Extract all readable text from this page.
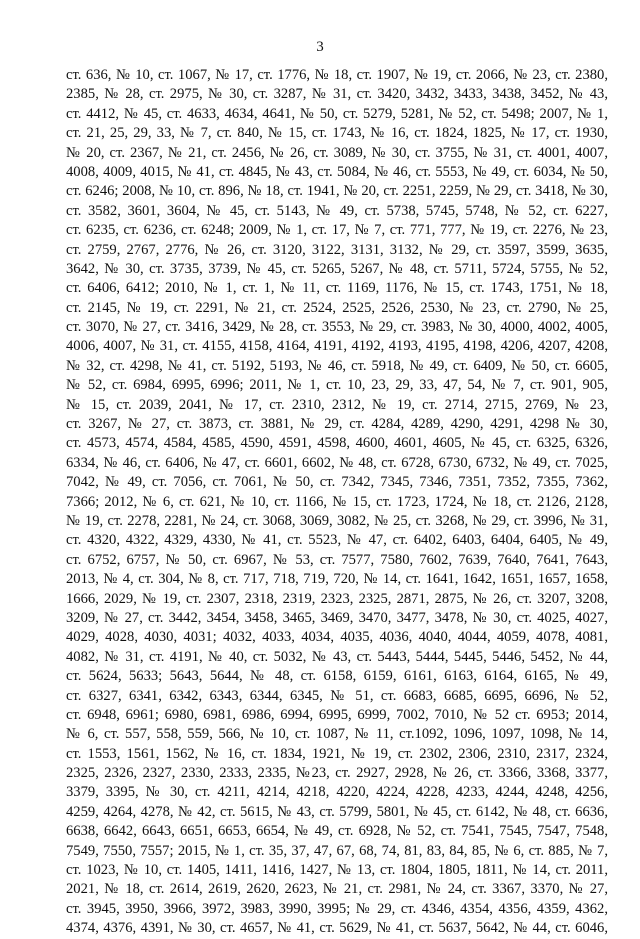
3
ст. 636, № 10, ст. 1067, № 17, ст. 1776, № 18, ст. 1907, № 19, ст. 2066, № 23, ст. 2380,
2385, № 28, ст. 2975, № 30, ст. 3287, № 31, ст. 3420, 3432, 3433, 3438, 3452, № 43,
ст. 4412, № 45, ст. 4633, 4634, 4641, № 50, ст. 5279, 5281, № 52, ст. 5498; 2007, № 1,
ст. 21, 25, 29, 33, № 7, ст. 840, № 15, ст. 1743, № 16, ст. 1824, 1825, № 17, ст. 1930,
№ 20, ст. 2367, № 21, ст. 2456, № 26, ст. 3089, № 30, ст. 3755, № 31, ст. 4001, 4007,
4008, 4009, 4015, № 41, ст. 4845, № 43, ст. 5084, № 46, ст. 5553, № 49, ст. 6034, № 50,
ст. 6246; 2008, № 10, ст. 896, № 18, ст. 1941, № 20, ст. 2251, 2259, № 29, ст. 3418, № 30,
ст. 3582, 3601, 3604, № 45, ст. 5143, № 49, ст. 5738, 5745, 5748, № 52, ст. 6227,
ст. 6235, ст. 6236, ст. 6248; 2009, № 1, ст. 17, № 7, ст. 771, 777, № 19, ст. 2276, № 23,
ст. 2759, 2767, 2776, № 26, ст. 3120, 3122, 3131, 3132, № 29, ст. 3597, 3599, 3635,
3642, № 30, ст. 3735, 3739, № 45, ст. 5265, 5267, № 48, ст. 5711, 5724, 5755, № 52,
ст. 6406, 6412; 2010, № 1, ст. 1, № 11, ст. 1169, 1176, № 15, ст. 1743, 1751, № 18,
ст. 2145, № 19, ст. 2291, № 21, ст. 2524, 2525, 2526, 2530, № 23, ст. 2790, № 25,
ст. 3070, № 27, ст. 3416, 3429, № 28, ст. 3553, № 29, ст. 3983, № 30, 4000, 4002, 4005,
4006, 4007, № 31, ст. 4155, 4158, 4164, 4191, 4192, 4193, 4195, 4198, 4206, 4207, 4208,
№ 32, ст. 4298, № 41, ст. 5192, 5193, № 46, ст. 5918, № 49, ст. 6409, № 50, ст. 6605,
№ 52, ст. 6984, 6995, 6996; 2011, № 1, ст. 10, 23, 29, 33, 47, 54, № 7, ст. 901, 905,
№ 15, ст. 2039, 2041, № 17, ст. 2310, 2312, № 19, ст. 2714, 2715, 2769, № 23,
ст. 3267, № 27, ст. 3873, ст. 3881, № 29, ст. 4284, 4289, 4290, 4291, 4298 № 30,
ст. 4573, 4574, 4584, 4585, 4590, 4591, 4598, 4600, 4601, 4605, № 45, ст. 6325, 6326,
6334, № 46, ст. 6406, № 47, ст. 6601, 6602, № 48, ст. 6728, 6730, 6732, № 49, ст. 7025,
7042, № 49, ст. 7056, ст. 7061, № 50, ст. 7342, 7345, 7346, 7351, 7352, 7355, 7362,
7366; 2012, № 6, ст. 621, № 10, ст. 1166, № 15, ст. 1723, 1724, № 18, ст. 2126, 2128,
№ 19, ст. 2278, 2281, № 24, ст. 3068, 3069, 3082, № 25, ст. 3268, № 29, ст. 3996, № 31,
ст. 4320, 4322, 4329, 4330, № 41, ст. 5523, № 47, ст. 6402, 6403, 6404, 6405, № 49,
ст. 6752, 6757, № 50, ст. 6967, № 53, ст. 7577, 7580, 7602, 7639, 7640, 7641, 7643,
2013, № 4, ст. 304, № 8, ст. 717, 718, 719, 720, № 14, ст. 1641, 1642, 1651, 1657, 1658,
1666, 2029, № 19, ст. 2307, 2318, 2319, 2323, 2325, 2871, 2875, № 26, ст. 3207, 3208,
3209, № 27, ст. 3442, 3454, 3458, 3465, 3469, 3470, 3477, 3478, № 30, ст. 4025, 4027,
4029, 4028, 4030, 4031; 4032, 4033, 4034, 4035, 4036, 4040, 4044, 4059, 4078, 4081,
4082, № 31, ст. 4191, № 40, ст. 5032, № 43, ст. 5443, 5444, 5445, 5446, 5452, № 44,
ст. 5624, 5633; 5643, 5644, № 48, ст. 6158, 6159, 6161, 6163, 6164, 6165, № 49,
ст. 6327, 6341, 6342, 6343, 6344, 6345, № 51, ст. 6683, 6685, 6695, 6696, № 52,
ст. 6948, 6961; 6980, 6981, 6986, 6994, 6995, 6999, 7002, 7010, № 52 ст. 6953; 2014,
№ 6, ст. 557, 558, 559, 566, № 10, ст. 1087, № 11, ст.1092, 1096, 1097, 1098, № 14,
ст. 1553, 1561, 1562, № 16, ст. 1834, 1921, № 19, ст. 2302, 2306, 2310, 2317, 2324,
2325, 2326, 2327, 2330, 2333, 2335, №23, ст. 2927, 2928, № 26, ст. 3366, 3368, 3377,
3379, 3395, № 30, ст. 4211, 4214, 4218, 4220, 4224, 4228, 4233, 4244, 4248, 4256,
4259, 4264, 4278, № 42, ст. 5615, № 43, ст. 5799, 5801, № 45, ст. 6142, № 48, ст. 6636,
6638, 6642, 6643, 6651, 6653, 6654, № 49, ст. 6928, № 52, ст. 7541, 7545, 7547, 7548,
7549, 7550, 7557; 2015, № 1, ст. 35, 37, 47, 67, 68, 74, 81, 83, 84, 85, № 6, ст. 885, № 7,
ст. 1023, № 10, ст. 1405, 1411, 1416, 1427, № 13, ст. 1804, 1805, 1811, № 14, ст. 2011,
2021, № 18, ст. 2614, 2619, 2620, 2623, № 21, ст. 2981, № 24, ст. 3367, 3370, № 27,
ст. 3945, 3950, 3966, 3972, 3983, 3990, 3995; № 29, ст. 4346, 4354, 4356, 4359, 4362,
4374, 4376, 4391, № 30, ст. 4657, № 41, ст. 5629, № 41, ст. 5637, 5642, № 44, ст. 6046,
